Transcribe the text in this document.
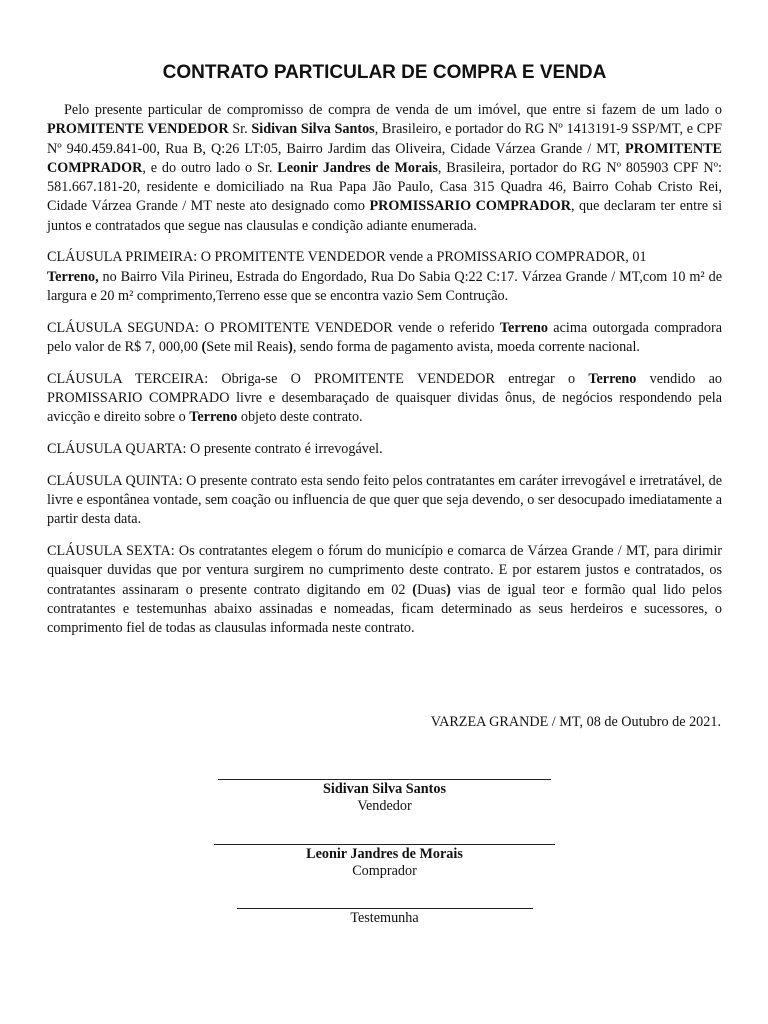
CONTRATO PARTICULAR DE COMPRA E VENDA

Pelo presente particular de compromisso de compra de venda de um imóvel, que entre si fazem de um lado o PROMITENTE VENDEDOR Sr. Sidivan Silva Santos, Brasileiro, e portador do RG Nº 1413191-9 SSP/MT, e CPF Nº 940.459.841-00, Rua B, Q:26 LT:05, Bairro Jardim das Oliveira, Cidade Várzea Grande / MT, PROMITENTE COMPRADOR, e do outro lado o Sr. Leonir Jandres de Morais, Brasileira, portador do RG Nº 805903 CPF Nº: 581.667.181-20, residente e domiciliado na Rua Papa Jão Paulo, Casa 315 Quadra 46, Bairro Cohab Cristo Rei, Cidade Várzea Grande / MT neste ato designado como PROMISSARIO COMPRADOR, que declaram ter entre si juntos e contratados que segue nas clausulas e condição adiante enumerada.

CLÁUSULA PRIMEIRA: O PROMITENTE VENDEDOR vende a PROMISSARIO COMPRADOR, 01
Terreno, no Bairro Vila Pirineu, Estrada do Engordado, Rua Do Sabia Q:22 C:17. Várzea Grande / MT,com 10 m² de largura e 20 m² comprimento,Terreno esse que se encontra vazio Sem Contrução.

CLÁUSULA SEGUNDA: O PROMITENTE VENDEDOR vende o referido Terreno acima outorgada compradora pelo valor de R$ 7, 000,00 (Sete mil Reais), sendo forma de pagamento avista, moeda corrente nacional.

CLÁUSULA TERCEIRA: Obriga-se O PROMITENTE VENDEDOR entregar o Terreno vendido ao PROMISSARIO COMPRADO livre e desembaraçado de quaisquer dividas ônus, de negócios respondendo pela avicção e direito sobre o Terreno objeto deste contrato.

CLÁUSULA QUARTA: O presente contrato é irrevogável.

CLÁUSULA QUINTA: O presente contrato esta sendo feito pelos contratantes em caráter irrevogável e irretratável, de livre e espontânea vontade, sem coação ou influencia de que quer que seja devendo, o ser desocupado imediatamente a partir desta data.

CLÁUSULA SEXTA: Os contratantes elegem o fórum do município e comarca de Várzea Grande / MT, para dirimir quaisquer duvidas que por ventura surgirem no cumprimento deste contrato. E por estarem justos e contratados, os contratantes assinaram o presente contrato digitando em 02 (Duas) vias de igual teor e formão qual lido pelos contratantes e testemunhas abaixo assinadas e nomeadas, ficam determinado as seus herdeiros e sucessores, o comprimento fiel de todas as clausulas informada neste contrato.

VARZEA GRANDE / MT, 08 de Outubro de 2021.
Sidivan Silva Santos
Vendedor
Leonir Jandres de Morais
Comprador
Testemunha
